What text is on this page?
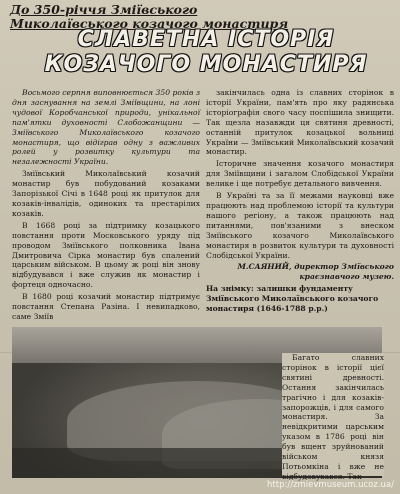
До 350-річчя Зміївського
Миколаївського козачого монастиря

СЛАВЕТНА ІСТОРІЯ
КОЗАЧОГО МОНАСТИРЯ

Восьмого серпня виповнюється 350 років з дня заснування на землі Зміївщини, на лоні чудової Коробчанської природи, унікальної пам'ятки духовності Слобожанщини — Зміївського Миколаївського козачого монастиря, що відіграв одну з важливих ролей у розвитку культури та незалежності України.

Зміївський Миколаївський козачий монастир був побудований козаками Запорізької Січі в 1648 році як притулок для козаків-інвалідів, одиноких та престарілих козаків.

В 1668 році за підтримку козацького повстання проти Московського уряду під проводом Зміївського полковника Івана Дмитровича Сірка монастир був спалений царським військом. В цьому ж році він знову відбудувався і вже служив як монастир і фортеця одночасно.

В 1680 році козачий монастир підтримує повстання Степана Разіна. І невипадково, саме Зміїв

закінчилась одна із славних сторінок в історії України, пам'ять про яку радянська історіографія свого часу поспішила знищити. Так щезла назавжди ця святиня древності, останній притулок козацької вольниці України — Зміївський Миколаївський козачий монастир.

Історичне значення козачого монастиря для Зміївщини і загалом Слобідської України велике і ще потребує детального вивчення.

В Україні та за її межами науковці вже працюють над проблемою історії та культури нашого регіону, а також працюють над питаннями, пов'язаними з внеском Зміївського козачого Миколаївського монастиря в розвиток культури та духовності Слобідської України.

М.САЯНИЙ, директор Зміївського краєзнавчого музею.

На знімку: залишки фундаменту Зміївського Миколаївського козачого монастиря (1646-1788 р.р.)

Багато славних сторінок в історії цієї святині древності. Остання закінчилась трагічно і для козаків-запорожців, і для самого монастиря. За невідкритими царським указом в 1786 році він був вщент зруйнований військом князя Потьомкіна і вже не відбудовувався. Так

http://zmievmuseum.ucoz.ua/
